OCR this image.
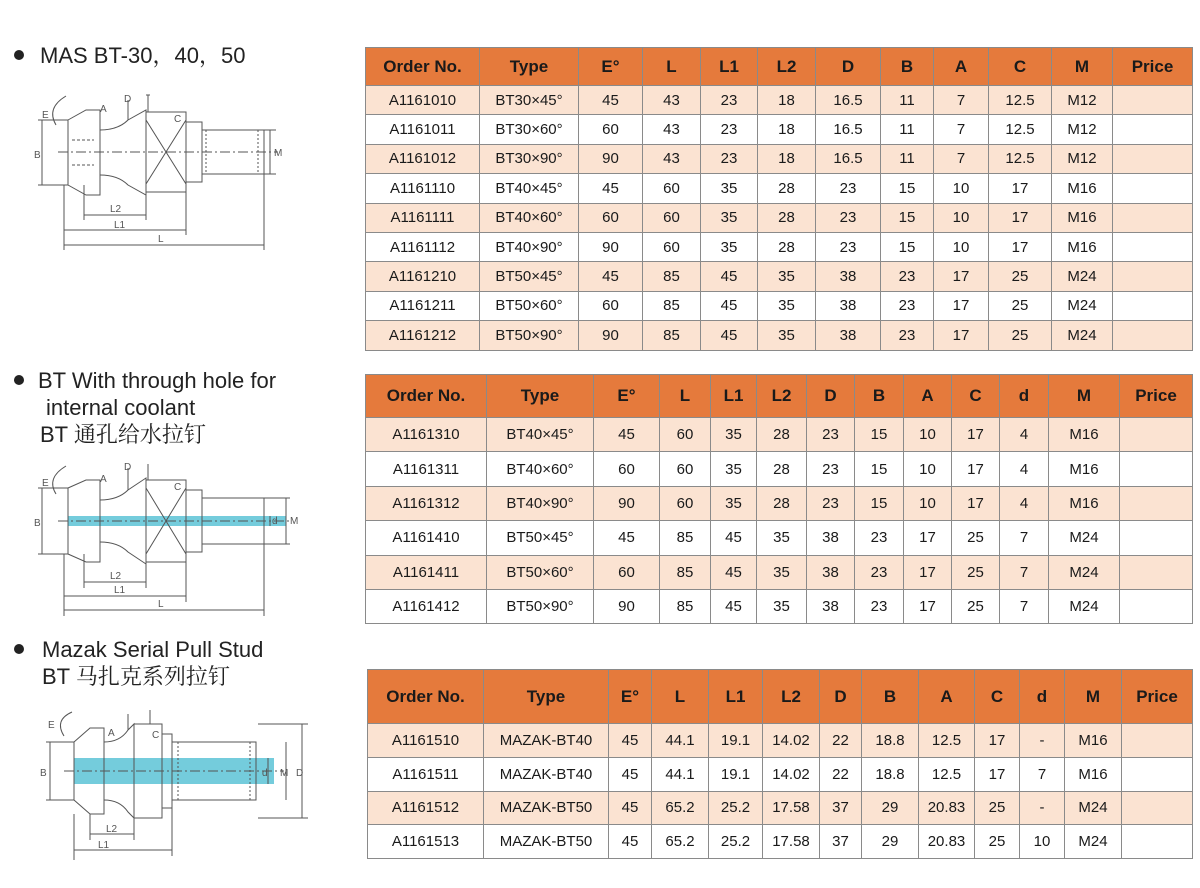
MAS BT-30，40，50
B	M
A
D
C
E
L2
L1
L
Order No.	Type	E°	L	L1	L2	D	B	A	C	M	Price
A1161010	BT30×45°	45	43	23	18	16.5	11	7	12.5	M12	
A1161011	BT30×60°	60	43	23	18	16.5	11	7	12.5	M12	
A1161012	BT30×90°	90	43	23	18	16.5	11	7	12.5	M12	
A1161110	BT40×45°	45	60	35	28	23	15	10	17	M16	
A1161111	BT40×60°	60	60	35	28	23	15	10	17	M16	
A1161112	BT40×90°	90	60	35	28	23	15	10	17	M16	
A1161210	BT50×45°	45	85	45	35	38	23	17	25	M24	
A1161211	BT50×60°	60	85	45	35	38	23	17	25	M24	
A1161212	BT50×90°	90	85	45	35	38	23	17	25	M24	
BT With through hole for
internal coolant
BT 通孔给水拉钉
B	d M
A
D
C
E
L2
L1
L
Order No.	Type	E°	L	L1	L2	D	B	A	C	d	M	Price
A1161310	BT40×45°	45	60	35	28	23	15	10	17	4	M16	
A1161311	BT40×60°	60	60	35	28	23	15	10	17	4	M16	
A1161312	BT40×90°	90	60	35	28	23	15	10	17	4	M16	
A1161410	BT50×45°	45	85	45	35	38	23	17	25	7	M24	
A1161411	BT50×60°	60	85	45	35	38	23	17	25	7	M24	
A1161412	BT50×90°	90	85	45	35	38	23	17	25	7	M24	
Mazak Serial Pull Stud
BT 马扎克系列拉钉
B	d M D
A	C
E
L2
L1
Order No.	Type	E°	L	L1	L2	D	B	A	C	d	M	Price
A1161510	MAZAK-BT40	45	44.1	19.1	14.02	22	18.8	12.5	17	-	M16	
A1161511	MAZAK-BT40	45	44.1	19.1	14.02	22	18.8	12.5	17	7	M16	
A1161512	MAZAK-BT50	45	65.2	25.2	17.58	37	29	20.83	25	-	M24	
A1161513	MAZAK-BT50	45	65.2	25.2	17.58	37	29	20.83	25	10	M24	
